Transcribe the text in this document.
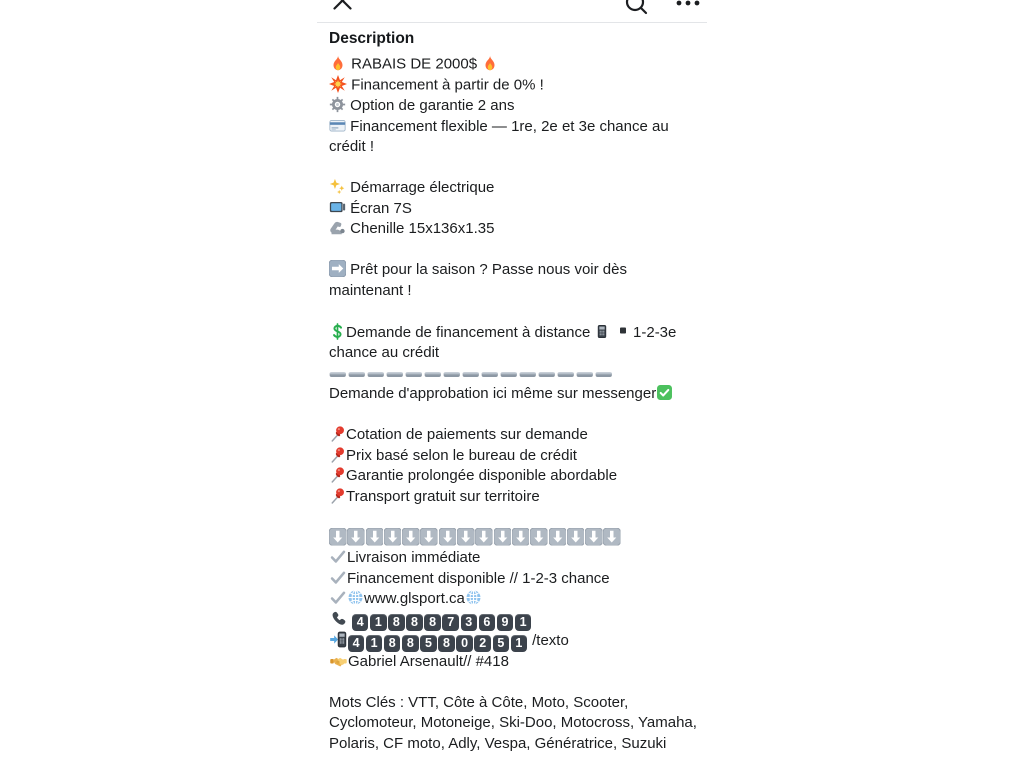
Description
RABAIS DE 2000$
Financement à partir de 0% !
Option de garantie 2 ans
Financement flexible — 1re, 2e et 3e chance au crédit !

Démarrage électrique
Écran 7S
Chenille 15x136x1.35

Prêt pour la saison ? Passe nous voir dès maintenant !

Demande de financement à distance    1-2-3e chance au crédit
Demande d'approbation ici même sur messenger

Cotation de paiements sur demande
Prix basé selon le bureau de crédit
Garantie prolongée disponible abordable
Transport gratuit sur territoire

Livraison immédiate
Financement disponible // 1-2-3 chance
www.glsport.ca
4 1 8 8 8 7 3 6 9 1
4 1 8 8 5 8 0 2 5 1 /texto
Gabriel Arsenault// #418

Mots Clés : VTT, Côte à Côte, Moto, Scooter, Cyclomoteur, Motoneige, Ski-Doo, Motocross, Yamaha, Polaris, CF moto, Adly, Vespa, Génératrice, Suzuki
